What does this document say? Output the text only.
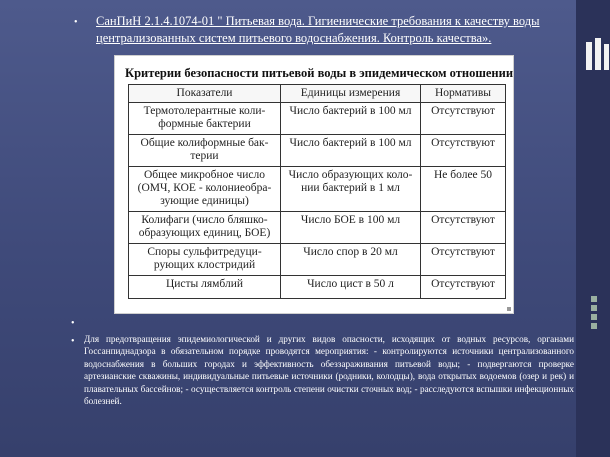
• СанПиН 2.1.4.1074-01 " Питьевая вода. Гигиенические требования к качеству воды централизованных систем питьевого водоснабжения. Контроль качества».
Критерии безопасности питьевой воды в эпидемическом отношении
Показатели	Единицы измерения	Нормативы
Термотолерантные коли-формные бактерии	Число бактерий в 100 мл	Отсутствуют
Общие колиформные бак-терии	Число бактерий в 100 мл	Отсутствуют
Общее микробное число (ОМЧ, КОЕ - колониеобра-зующие единицы)	Число образующих коло-нии бактерий в 1 мл	Не более 50
Колифаги (число бляшко-образующих единиц, БОЕ)	Число БОЕ в 100 мл	Отсутствуют
Споры сульфитредуци-рующих клостридий	Число спор в 20 мл	Отсутствуют
Цисты лямблий	Число цист в 50 л	Отсутствуют
•
• Для предотвращения эпидемиологической и других видов опасности, исходящих от водных ресурсов, органами Госсанпиднадзора в обязательном порядке проводятся мероприятия: - контролируются источники централизованного водоснабжения в больших городах и эффективность обеззараживания питьевой воды; - подвергаются проверке артезианские скважины, индивидуальные питьевые источники (родники, колодцы), вода открытых водоемов (озер и рек) и плавательных бассейнов; - осуществляется контроль степени очистки сточных вод; - расследуются вспышки инфекционных болезней.
